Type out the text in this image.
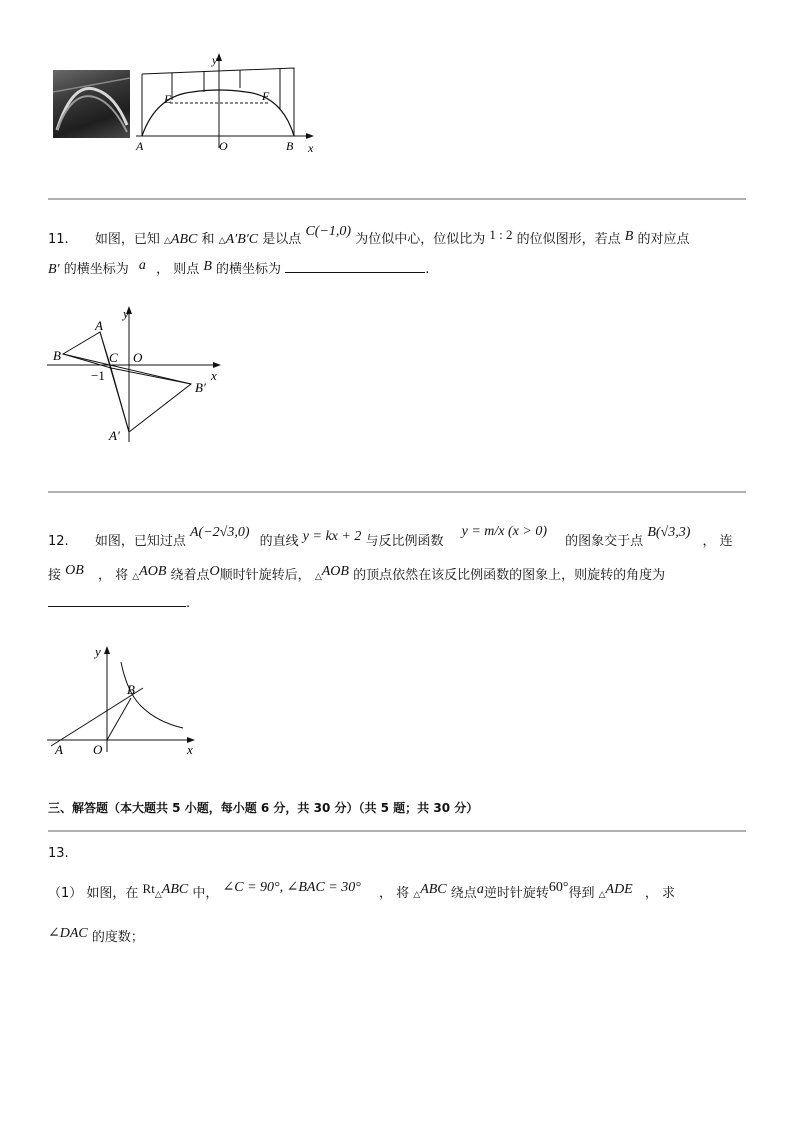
y
E	F
A	O	B x
11. 如图，已知 △ABC 和 △A′B′C 是以点 C(−1,0) 为位似中心，位似比为 1 : 2 的位似图形，若点 B 的对应点
B′ 的横坐标为 a ， 则点 B 的横坐标为	.
y
A
B	C O
x
−1
B′
A′
12. 如图，已知过点 A(−2√3,0) 的直线 y = kx + 2 与反比例函数 y = m/x (x > 0) 的图象交于点 B(√3,3) ， 连
接 OB ， 将 △AOB 绕着点O顺时针旋转后， △AOB 的顶点依然在该反比例函数的图象上，则旋转的角度为
.
y
B
A O	x
三、解答题（本大题共 5 小题，每小题 6 分，共 30 分）（共 5 题；共 30 分）
13.
（1） 如图，在 Rt△ABC 中， ∠C = 90°, ∠BAC = 30° ， 将 △ABC 绕点a逆时针旋转60°得到 △ADE ， 求
∠DAC 的度数；
